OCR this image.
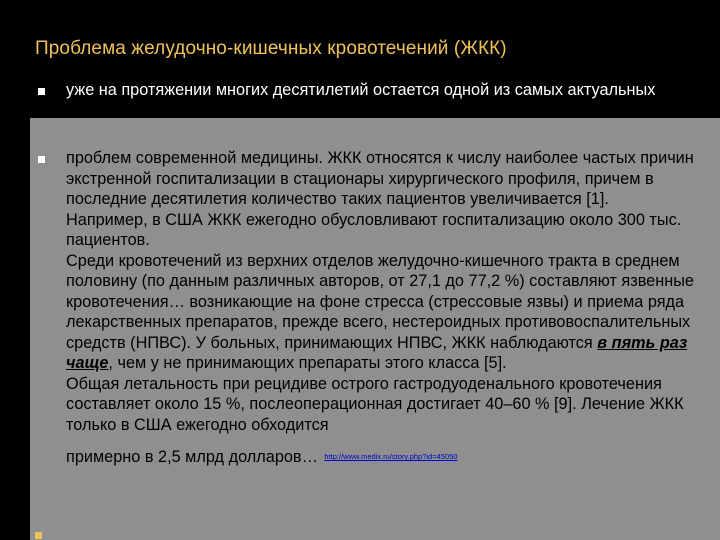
Проблема желудочно-кишечных кровотечений (ЖКК)
уже на протяжении многих десятилетий остается одной из самых актуальных
проблем современной медицины. ЖКК относятся к числу наиболее частых причин экстренной госпитализации в стационары хирургического профиля, причем в последние десятилетия количество таких пациентов увеличивается [1]. Например, в США ЖКК ежегодно обусловливают госпитализацию около 300 тыс. пациентов.
Среди кровотечений из верхних отделов желудочно-кишечного тракта в среднем половину (по данным различных авторов, от 27,1 до 77,2 %) составляют язвенные кровотечения… возникающие на фоне стресса (стрессовые язвы) и приема ряда лекарственных препаратов, прежде всего, нестероидных противовоспалительных средств (НПВС). У больных, принимающих НПВС, ЖКК наблюдаются в пять раз чаще, чем у не принимающих препараты этого класса [5].
Общая летальность при рецидиве острого гастродуоденального кровотечения составляет около 15 %, послеоперационная достигает 40–60 % [9]. Лечение ЖКК только в США ежегодно обходится
примерно в 2,5 млрд долларов… http://www.medix.ru/story.php?id=45050
